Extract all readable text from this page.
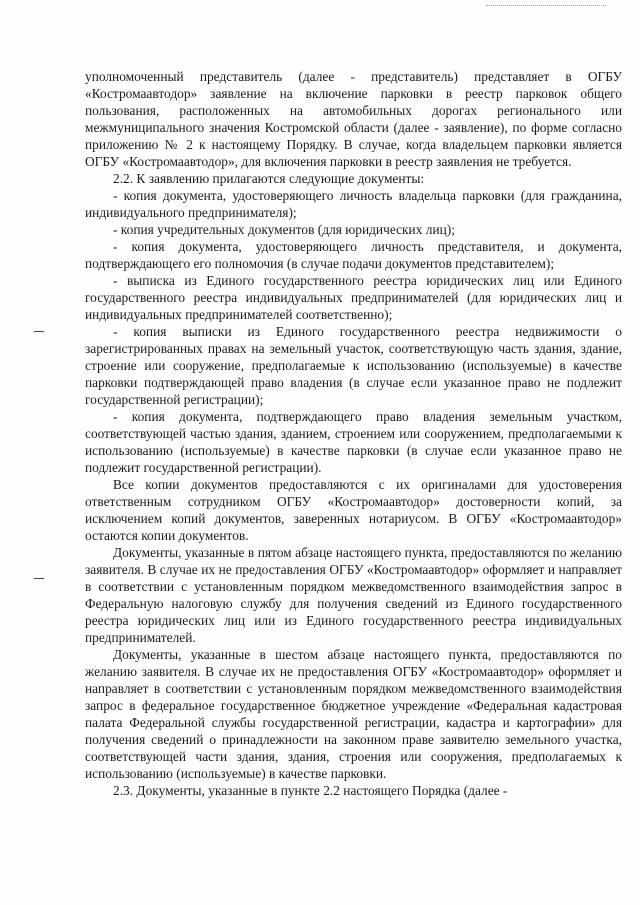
уполномоченный представитель (далее - представитель) представляет в ОГБУ «Костромаавтодор» заявление на включение парковки в реестр парковок общего пользования, расположенных на автомобильных дорогах регионального или межмуниципального значения Костромской области (далее - заявление), по форме согласно приложению № 2 к настоящему Порядку. В случае, когда владельцем парковки является ОГБУ «Костромаавтодор», для включения парковки в реестр заявления не требуется.

2.2. К заявлению прилагаются следующие документы:

- копия документа, удостоверяющего личность владельца парковки (для гражданина, индивидуального предпринимателя);

- копия учредительных документов (для юридических лиц);

- копия документа, удостоверяющего личность представителя, и документа, подтверждающего его полномочия (в случае подачи документов представителем);

- выписка из Единого государственного реестра юридических лиц или Единого государственного реестра индивидуальных предпринимателей (для юридических лиц и индивидуальных предпринимателей соответственно);

- копия выписки из Единого государственного реестра недвижимости о зарегистрированных правах на земельный участок, соответствующую часть здания, здание, строение или сооружение, предполагаемые к использованию (используемые) в качестве парковки подтверждающей право владения (в случае если указанное право не подлежит государственной регистрации);

- копия документа, подтверждающего право владения земельным участком, соответствующей частью здания, зданием, строением или сооружением, предполагаемыми к использованию (используемые) в качестве парковки (в случае если указанное право не подлежит государственной регистрации).

Все копии документов предоставляются с их оригиналами для удостоверения ответственным сотрудником ОГБУ «Костромаавтодор» достоверности копий, за исключением копий документов, заверенных нотариусом. В ОГБУ «Костромаавтодор» остаются копии документов.

Документы, указанные в пятом абзаце настоящего пункта, предоставляются по желанию заявителя. В случае их не предоставления ОГБУ «Костромаавтодор» оформляет и направляет в соответствии с установленным порядком межведомственного взаимодействия запрос в Федеральную налоговую службу для получения сведений из Единого государственного реестра юридических лиц или из Единого государственного реестра индивидуальных предпринимателей.

Документы, указанные в шестом абзаце настоящего пункта, предоставляются по желанию заявителя. В случае их не предоставления ОГБУ «Костромаавтодор» оформляет и направляет в соответствии с установленным порядком межведомственного взаимодействия запрос в федеральное государственное бюджетное учреждение «Федеральная кадастровая палата Федеральной службы государственной регистрации, кадастра и картографии» для получения сведений о принадлежности на законном праве заявителю земельного участка, соответствующей части здания, здания, строения или сооружения, предполагаемых к использованию (используемые) в качестве парковки.

2.3. Документы, указанные в пункте 2.2 настоящего Порядка (далее -
